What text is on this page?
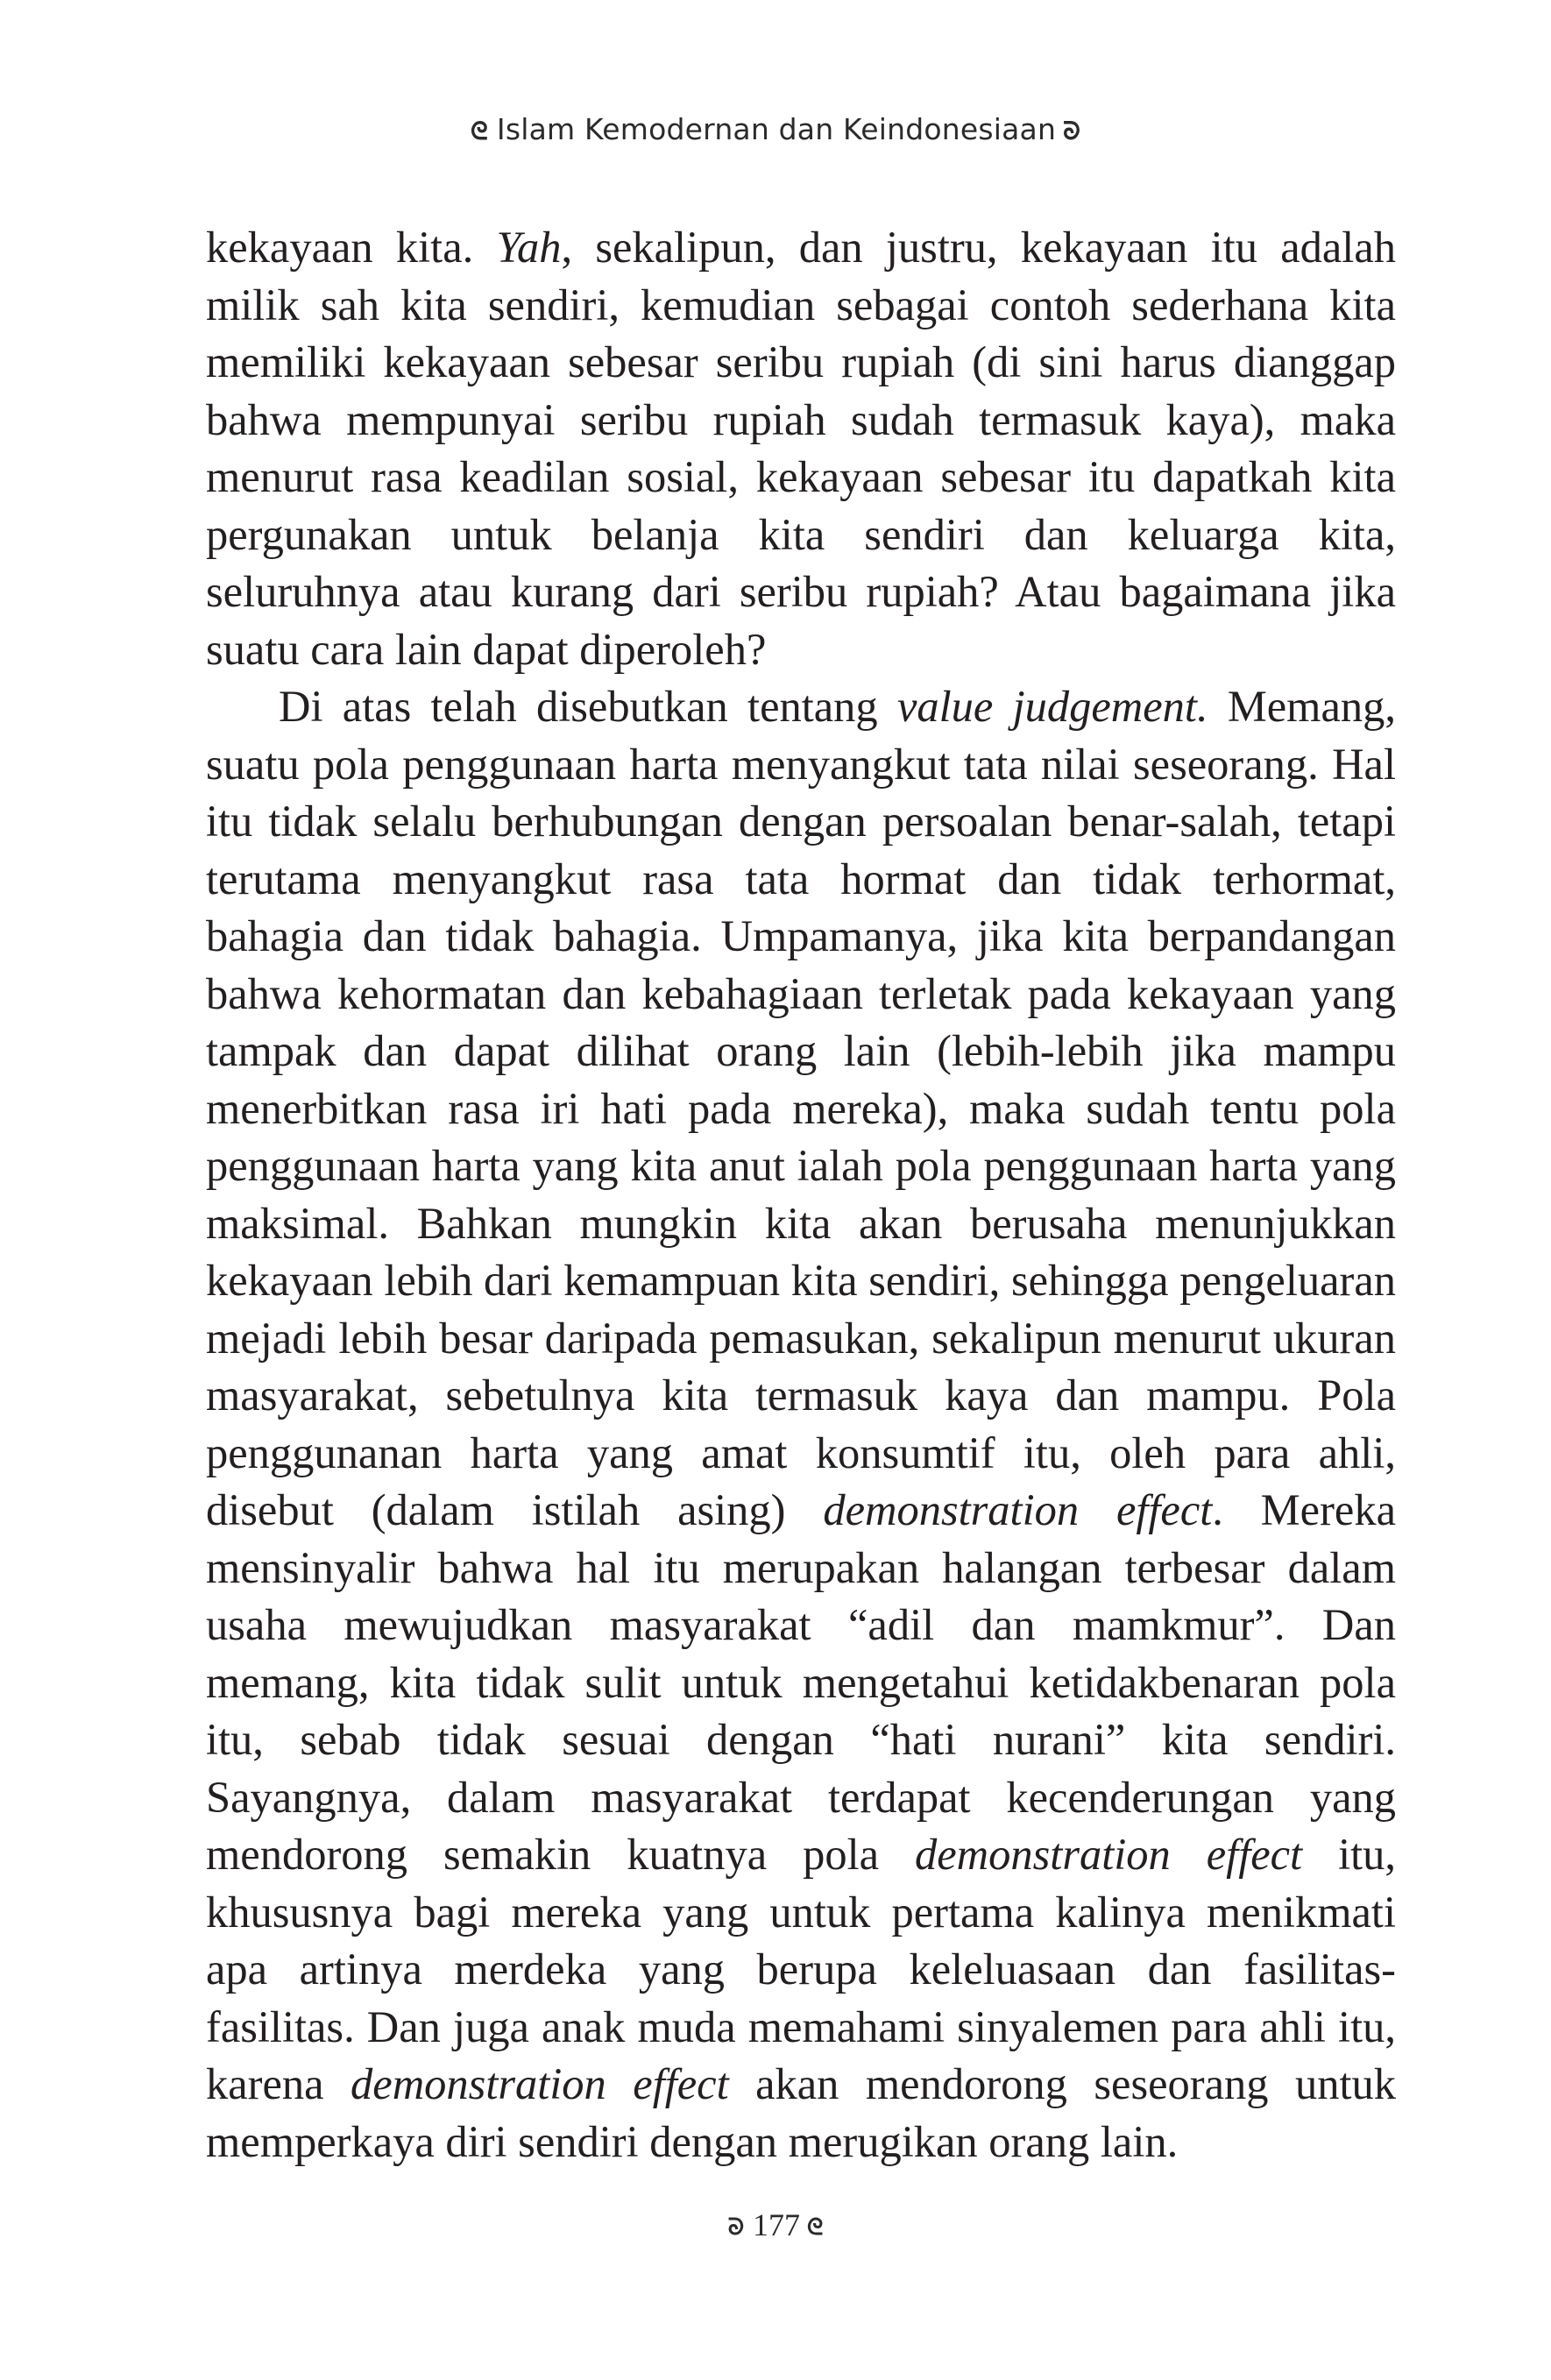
ᘓ Islam Kemodernan dan Keindonesiaan ᘐ

kekayaan kita. Yah, sekalipun, dan justru, kekayaan itu adalah milik sah kita sendiri, kemudian sebagai contoh sederhana kita memiliki kekayaan sebesar seribu rupiah (di sini harus dianggap bahwa mempunyai seribu rupiah sudah termasuk kaya), maka menurut rasa keadilan sosial, kekayaan sebesar itu dapatkah kita pergunakan untuk belanja kita sendiri dan keluarga kita, seluruhnya atau kurang dari seribu rupiah? Atau bagaimana jika suatu cara lain dapat diperoleh?

Di atas telah disebutkan tentang value judgement. Memang, suatu pola penggunaan harta menyangkut tata nilai seseorang. Hal itu tidak selalu berhubungan dengan persoalan benar-salah, tetapi terutama menyangkut rasa tata hormat dan tidak terhormat, bahagia dan tidak bahagia. Umpamanya, jika kita berpandangan bahwa kehormatan dan kebahagiaan terletak pada kekayaan yang tampak dan dapat dilihat orang lain (lebih-lebih jika mampu menerbitkan rasa iri hati pada mereka), maka sudah tentu pola penggunaan harta yang kita anut ialah pola penggunaan harta yang maksimal. Bahkan mungkin kita akan berusaha menunjukkan kekayaan lebih dari kemampuan kita sendiri, sehingga pengeluaran mejadi lebih besar daripada pemasukan, sekalipun menurut ukuran masyarakat, sebetulnya kita termasuk kaya dan mampu. Pola penggunanan harta yang amat konsumtif itu, oleh para ahli, disebut (dalam istilah asing) demonstration effect. Mereka mensinyalir bahwa hal itu merupakan halangan terbesar dalam usaha mewujudkan masyarakat “adil dan mamkmur”. Dan memang, kita tidak sulit untuk mengetahui ketidakbenaran pola itu, sebab tidak sesuai dengan “hati nurani” kita sendiri. Sayangnya, dalam masyarakat terdapat kecenderungan yang mendorong semakin kuatnya pola demonstration effect itu, khususnya bagi mereka yang untuk pertama kalinya menikmati apa artinya merdeka yang berupa keleluasaan dan fasilitas-fasilitas. Dan juga anak muda memahami sinyalemen para ahli itu, karena demonstration effect akan mendorong seseorang untuk memperkaya diri sendiri dengan merugikan orang lain.

ᘐ 177 ᘓ
